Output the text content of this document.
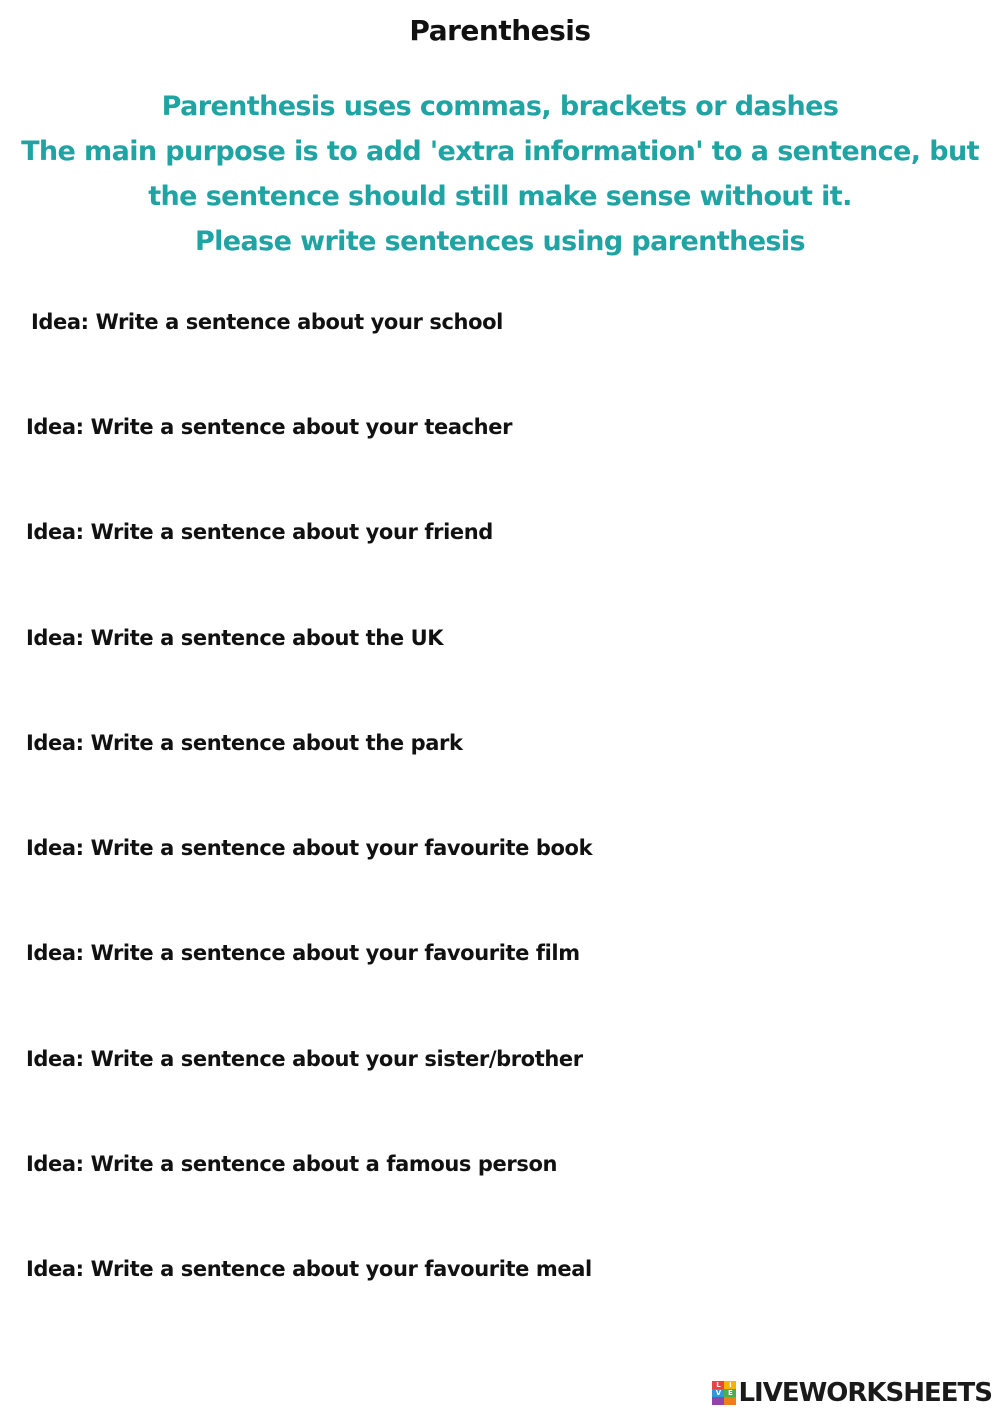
Parenthesis
Parenthesis uses commas, brackets or dashes
The main purpose is to add 'extra information' to a sentence, but
the sentence should still make sense without it.
Please write sentences using parenthesis
Idea: Write a sentence about your school
Idea: Write a sentence about your teacher
Idea: Write a sentence about your friend
Idea: Write a sentence about the UK
Idea: Write a sentence about the park
Idea: Write a sentence about your favourite book
Idea: Write a sentence about your favourite film
Idea: Write a sentence about your sister/brother
Idea: Write a sentence about a famous person
Idea: Write a sentence about your favourite meal
L	I
V E LIVEWORKSHEETS
